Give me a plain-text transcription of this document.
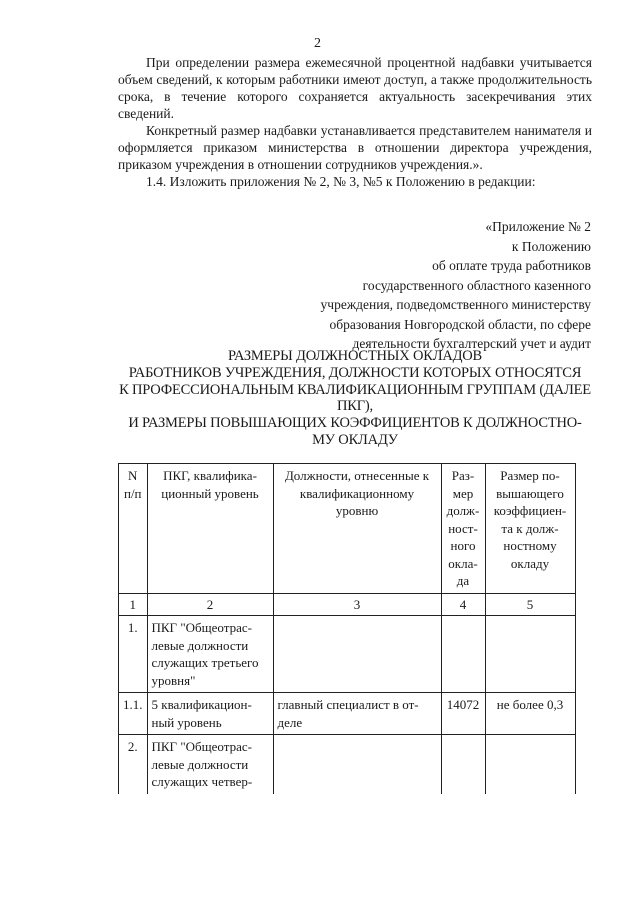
2

При определении размера ежемесячной процентной надбавки учитывается объем сведений, к которым работники имеют доступ, а также продолжительность срока, в течение которого сохраняется актуальность засекречивания этих сведений.

Конкретный размер надбавки устанавливается представителем нанимателя и оформляется приказом министерства в отношении директора учреждения, приказом учреждения в отношении сотрудников учреждения.».

1.4. Изложить приложения № 2, № 3, №5 к Положению в редакции:

«Приложение № 2
к Положению
об оплате труда работников
государственного областного казенного
учреждения, подведомственного министерству
образования Новгородской области, по сфере
деятельности бухгалтерский учет и аудит
РАЗМЕРЫ ДОЛЖНОСТНЫХ ОКЛАДОВ
РАБОТНИКОВ УЧРЕЖДЕНИЯ, ДОЛЖНОСТИ КОТОРЫХ ОТНОСЯТСЯ
К ПРОФЕССИОНАЛЬНЫМ КВАЛИФИКАЦИОННЫМ ГРУППАМ (ДАЛЕЕ
ПКГ),
И РАЗМЕРЫ ПОВЫШАЮЩИХ КОЭФФИЦИЕНТОВ К ДОЛЖНОСТНО-
МУ ОКЛАДУ
N п/п	ПКГ, квалифика- ционный уровень	Должности, отнесенные к квалификационному уровню	Раз- мер долж- ност- ного окла- да	Размер по- вышающего коэффициен- та к долж- ностному окладу
1	2	3	4	5
1.	ПКГ "Общеотрас- левые должности служащих третьего уровня"			
1.1.	5 квалификацион- ный уровень	главный специалист в от- деле	14072	не более 0,3
2.	ПКГ "Общеотрас- левые должности служащих четвер-			
